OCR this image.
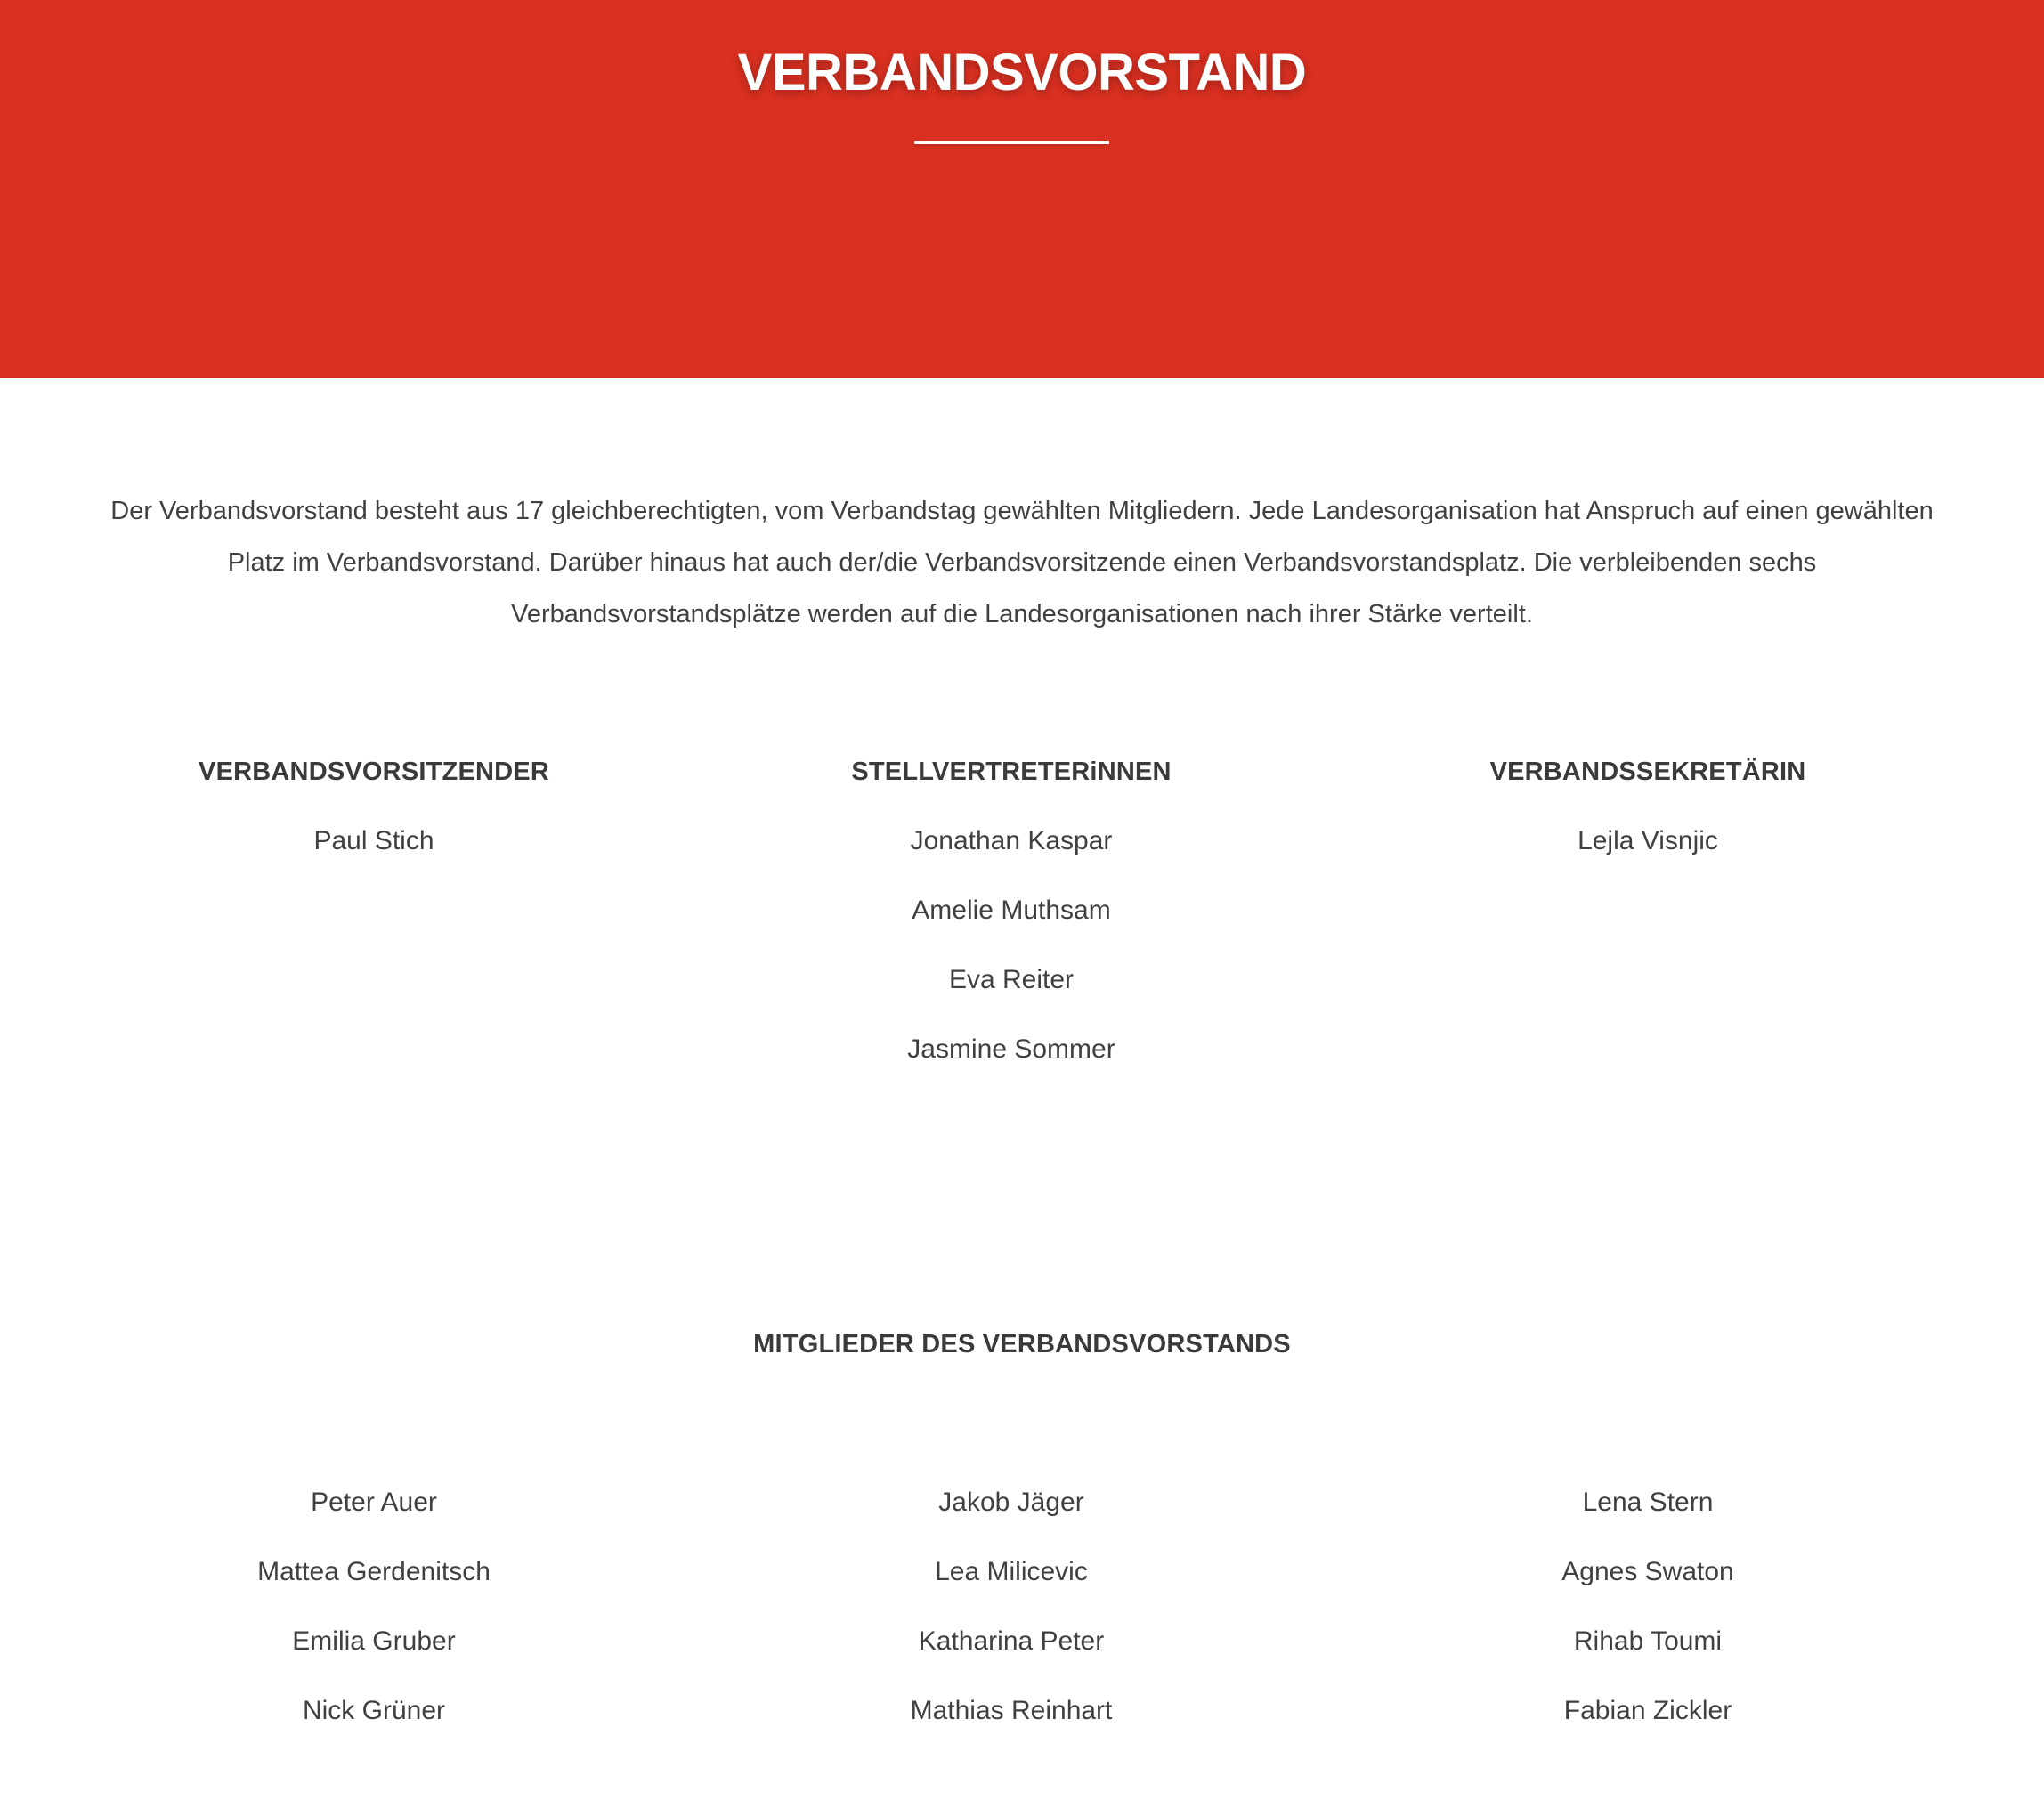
VERBANDSVORSTAND

Der Verbandsvorstand besteht aus 17 gleichberechtigten, vom Verbandstag gewählten Mitgliedern. Jede Landesorganisation hat Anspruch auf einen gewählten Platz im Verbandsvorstand. Darüber hinaus hat auch der/die Verbandsvorsitzende einen Verbandsvorstandsplatz. Die verbleibenden sechs Verbandsvorstandsplätze werden auf die Landesorganisationen nach ihrer Stärke verteilt.

VERBANDSVORSITZENDER
Paul Stich
STELLVERTRETERiNNEN
Jonathan Kaspar
Amelie Muthsam
Eva Reiter
Jasmine Sommer
VERBANDSSEKRETÄRIN
Lejla Visnjic
MITGLIEDER DES VERBANDSVORSTANDS
Peter Auer
Mattea Gerdenitsch
Emilia Gruber
Nick Grüner
Jakob Jäger
Lea Milicevic
Katharina Peter
Mathias Reinhart
Lena Stern
Agnes Swaton
Rihab Toumi
Fabian Zickler
